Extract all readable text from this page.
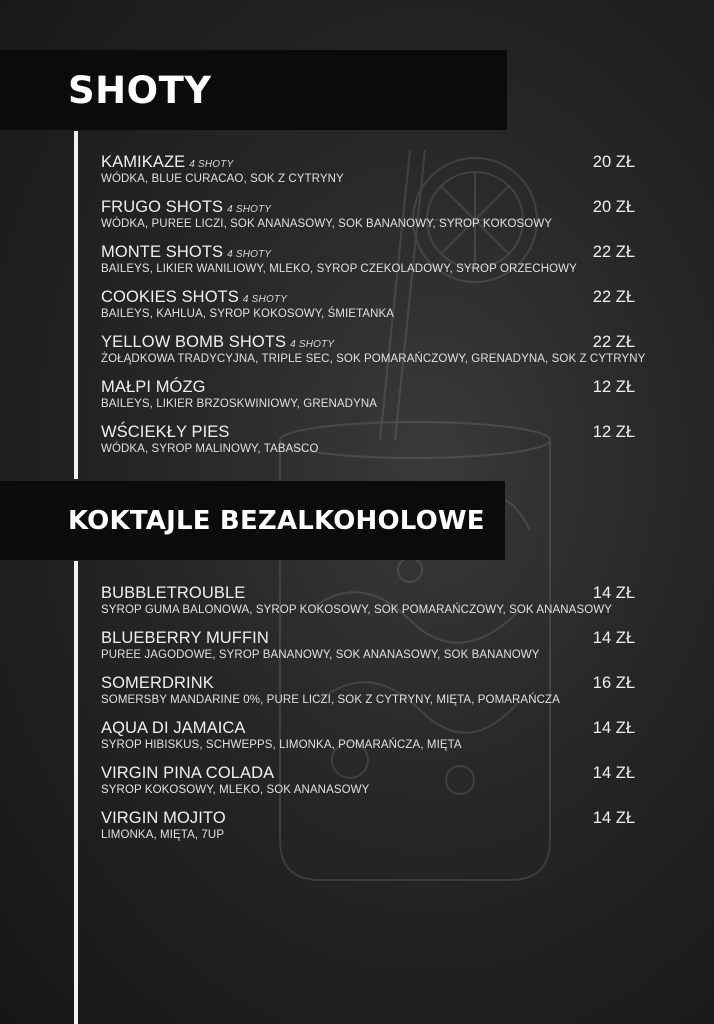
SHOTY
KAMIKAZE 4 SHOTY
WÓDKA, BLUE CURACAO, SOK Z CYTRYNY
20 ZŁ
FRUGO SHOTS 4 SHOTY
WÓDKA, PUREE LICZI, SOK ANANASOWY, SOK BANANOWY, SYROP KOKOSOWY
20 ZŁ
MONTE SHOTS 4 SHOTY
BAILEYS, LIKIER WANILIOWY, MLEKO, SYROP CZEKOLADOWY, SYROP ORZECHOWY
22 ZŁ
COOKIES SHOTS 4 SHOTY
BAILEYS, KAHLUA, SYROP KOKOSOWY, ŚMIETANKA
22 ZŁ
YELLOW BOMB SHOTS 4 SHOTY
ŻOŁĄDKOWA TRADYCYJNA, TRIPLE SEC, SOK POMARAŃCZOWY, GRENADYNA, SOK Z CYTRYNY
22 ZŁ
MAŁPI MÓZG
BAILEYS, LIKIER BRZOSKWINIOWY, GRENADYNA
12 ZŁ
WŚCIEKŁY PIES
WÓDKA, SYROP MALINOWY, TABASCO
12 ZŁ
KOKTAJLE BEZALKOHOLOWE
BUBBLETROUBLE
SYROP GUMA BALONOWA, SYROP KOKOSOWY, SOK POMARAŃCZOWY, SOK ANANASOWY
14 ZŁ
BLUEBERRY MUFFIN
PUREE JAGODOWE, SYROP BANANOWY, SOK ANANASOWY, SOK BANANOWY
14 ZŁ
SOMERDRINK
SOMERSBY MANDARINE 0%, PURE LICZI, SOK Z CYTRYNY, MIĘTA, POMARAŃCZA
16 ZŁ
AQUA DI JAMAICA
SYROP HIBISKUS, SCHWEPPS, LIMONKA, POMARAŃCZA, MIĘTA
14 ZŁ
VIRGIN PINA COLADA
SYROP KOKOSOWY, MLEKO, SOK ANANASOWY
14 ZŁ
VIRGIN MOJITO
LIMONKA, MIĘTA, 7UP
14 ZŁ
